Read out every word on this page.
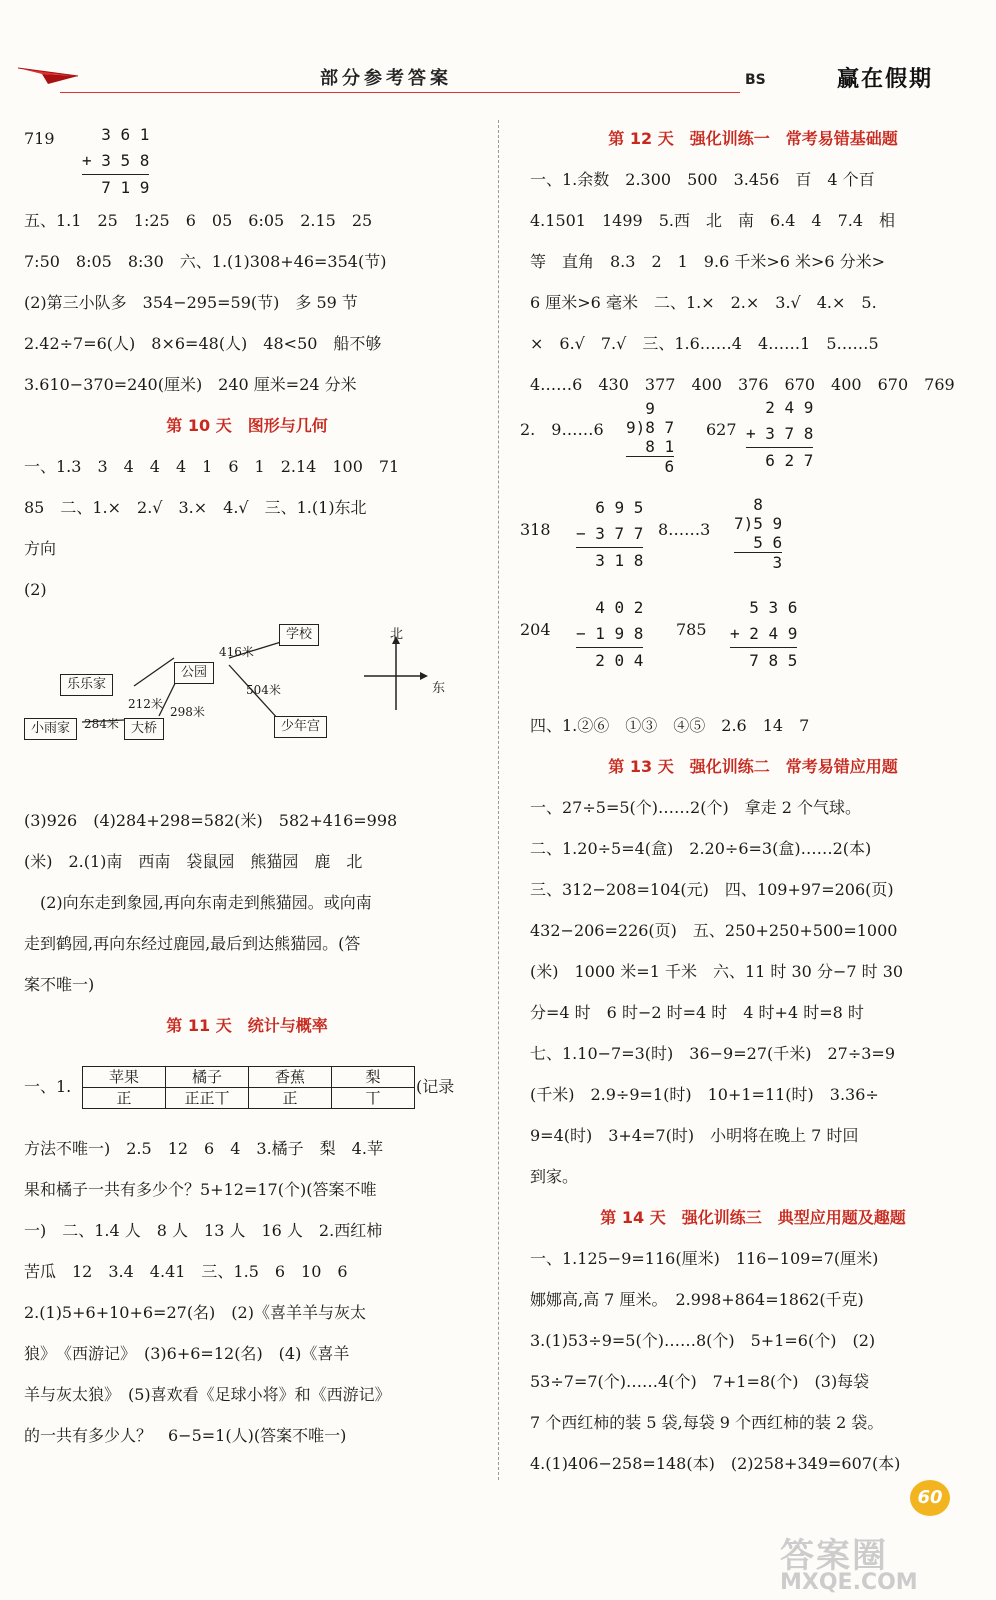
部分参考答案	BS	赢在假期
719 3 6 1
+ 3 5 8
7 1 9
五、1.1　25　1:25　6　05　6:05　2.15　25
7:50　8:05　8:30　六、1.(1)308+46=354(节)
(2)第三小队多　354−295=59(节)　多 59 节
2.42÷7=6(人)　8×6=48(人)　48<50　船不够
3.610−370=240(厘米)　240 厘米=24 分米
第 10 天　图形与几何
一、1.3　3　4　4　4　1　6　1　2.14　100　71
85　二、1.×　2.√　3.×　4.√　三、1.(1)东北
方向
(2)
学校
公园
乐乐家
小雨家	大桥	少年宫
416米
212米
298米
504米
284米
北
东
(3)926　(4)284+298=582(米)　582+416=998
(米)　2.(1)南　西南　袋鼠园　熊猫园　鹿　北
　(2)向东走到象园,再向东南走到熊猫园。或向南
走到鹤园,再向东经过鹿园,最后到达熊猫园。(答
案不唯一)
第 11 天　统计与概率
一、1.	苹果	橘子	香蕉	梨
正	正正丅	正	丅
(记录
方法不唯一)　2.5　12　6　4　3.橘子　梨　4.苹
果和橘子一共有多少个？5+12=17(个)(答案不唯
一)　二、1.4 人　8 人　13 人　16 人　2.西红柿
苦瓜　12　3.4　4.41　三、1.5　6　10　6
2.(1)5+6+10+6=27(名)　(2)《喜羊羊与灰太
狼》　《西游记》　(3)6+6=12(名)　(4)《喜羊
羊与灰太狼》　(5)喜欢看《足球小将》和《西游记》
的一共有多少人？　6−5=1(人)(答案不唯一)
第 12 天　强化训练一　常考易错基础题
一、1.余数　2.300　500　3.456　百　4 个百
4.1501　1499　5.西　北　南　6.4　4　7.4　相
等　直角　8.3　2　1　9.6 千米>6 米>6 分米>
6 厘米>6 毫米　二、1.×　2.×　3.√　4.×　5.
×　6.√　7.√　三、1.6……4　4……1　5……5
4……6　430　377　400　376　670　400　670　769
2.　9……6
9
9)8 7
8 1
6
627
2 4 9
+ 3 7 8
6 2 7
318
6 9 5
− 3 7 7
3 1 8
8……3
8
7)5 9
5 6
3
204
4 0 2
− 1 9 8
2 0 4
785
5 3 6
+ 2 4 9
7 8 5
四、1.②⑥　①③　④⑤　2.6　14　7
第 13 天　强化训练二　常考易错应用题
一、27÷5=5(个)……2(个)　拿走 2 个气球。
二、1.20÷5=4(盒)　2.20÷6=3(盒)……2(本)
三、312−208=104(元)　四、109+97=206(页)
432−206=226(页)　五、250+250+500=1000
(米)　1000 米=1 千米　六、11 时 30 分−7 时 30
分=4 时　6 时−2 时=4 时　4 时+4 时=8 时
七、1.10−7=3(时)　36−9=27(千米)　27÷3=9
(千米)　2.9÷9=1(时)　10+1=11(时)　3.36÷
9=4(时)　3+4=7(时)　小明将在晚上 7 时回
到家。
第 14 天　强化训练三　典型应用题及趣题
一、1.125−9=116(厘米)　116−109=7(厘米)
娜娜高,高 7 厘米。　2.998+864=1862(千克)
3.(1)53÷9=5(个)……8(个)　5+1=6(个)　(2)
53÷7=7(个)……4(个)　7+1=8(个)　(3)每袋
7 个西红柿的装 5 袋,每袋 9 个西红柿的装 2 袋。
4.(1)406−258=148(本)　(2)258+349=607(本)
60
答案圈
MXQE.COM
